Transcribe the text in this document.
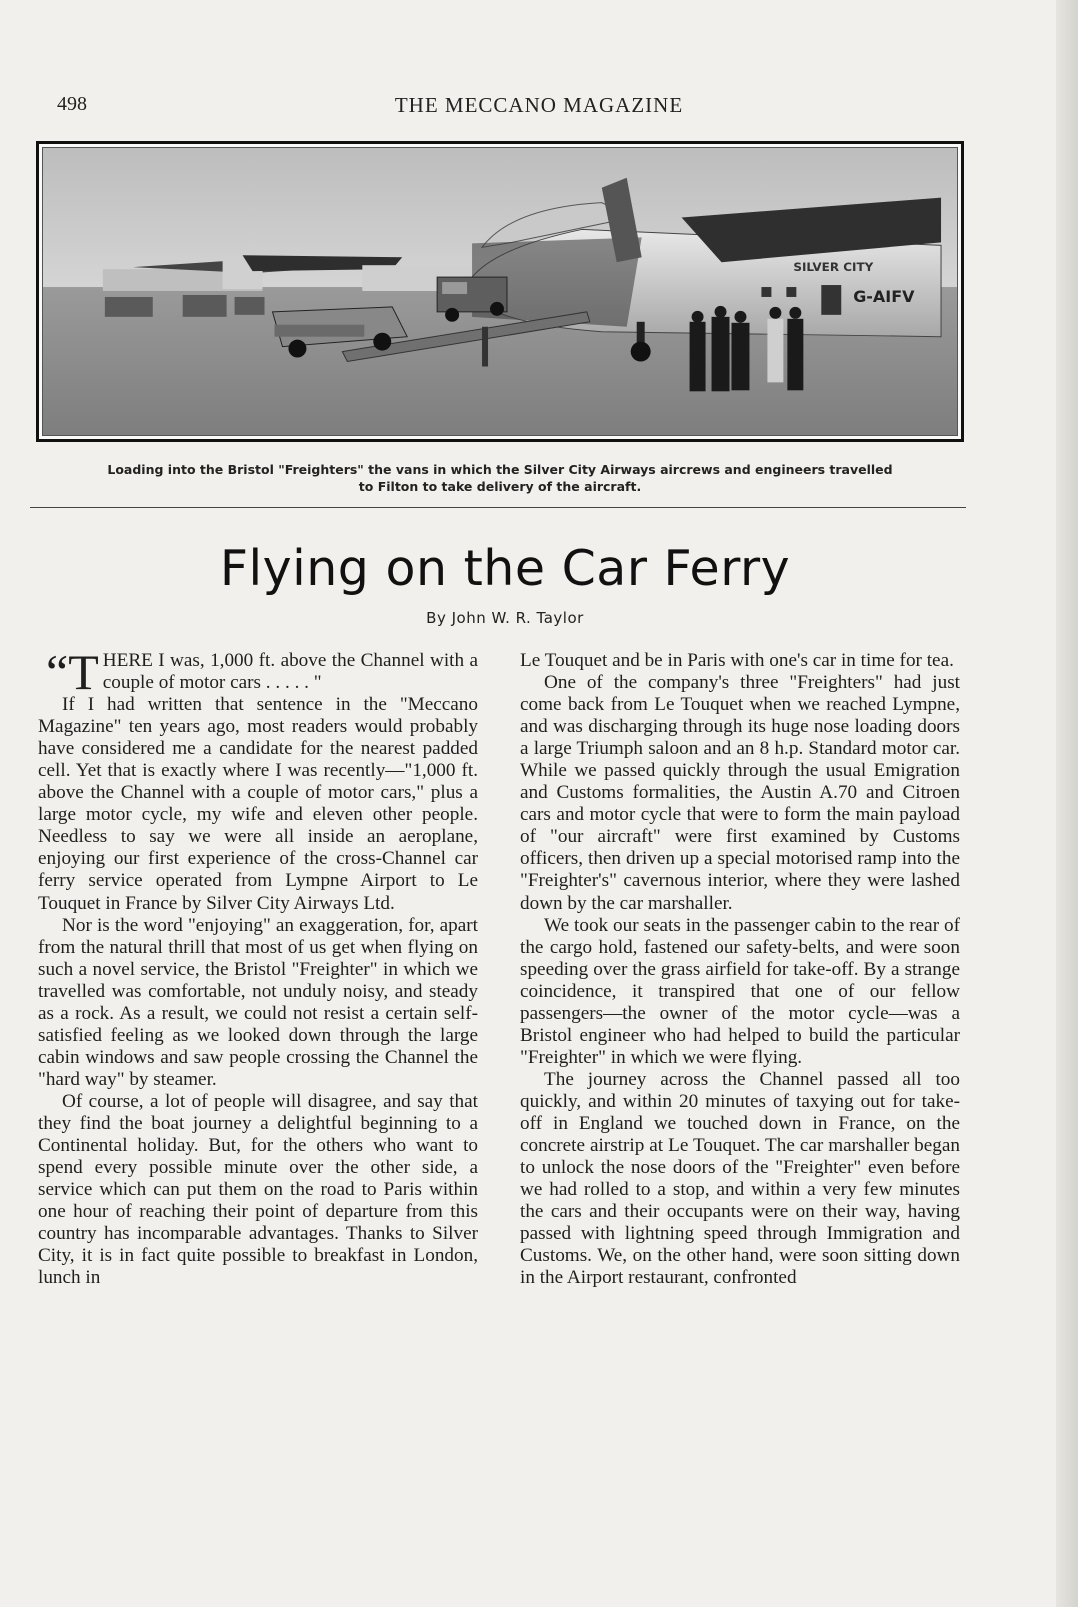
498	THE MECCANO MAGAZINE
G-AIFV
SILVER CITY
Loading into the Bristol "Freighters" the vans in which the Silver City Airways aircrews and engineers travelled
to Filton to take delivery of the aircraft.
Flying on the Car Ferry
By John W. R. Taylor

“T HERE I was, 1,000 ft. above the Channel with a couple of motor cars . . . . . "

If I had written that sentence in the "Meccano Magazine" ten years ago, most readers would probably have considered me a candidate for the nearest padded cell. Yet that is exactly where I was recently—"1,000 ft. above the Channel with a couple of motor cars," plus a large motor cycle, my wife and eleven other people. Needless to say we were all inside an aeroplane, enjoying our first experience of the cross-Channel car ferry service operated from Lympne Airport to Le Touquet in France by Silver City Airways Ltd.

Nor is the word "enjoying" an exaggeration, for, apart from the natural thrill that most of us get when flying on such a novel service, the Bristol "Freighter" in which we travelled was comfortable, not unduly noisy, and steady as a rock. As a result, we could not resist a certain self-satisfied feeling as we looked down through the large cabin windows and saw people crossing the Channel the "hard way" by steamer.

Of course, a lot of people will disagree, and say that they find the boat journey a delightful beginning to a Continental holiday. But, for the others who want to spend every possible minute over the other side, a service which can put them on the road to Paris within one hour of reaching their point of departure from this country has incomparable advantages. Thanks to Silver City, it is in fact quite possible to breakfast in London, lunch in

Le Touquet and be in Paris with one's car in time for tea.

One of the company's three "Freighters" had just come back from Le Touquet when we reached Lympne, and was discharging through its huge nose loading doors a large Triumph saloon and an 8 h.p. Standard motor car. While we passed quickly through the usual Emigration and Customs formalities, the Austin A.70 and Citroen cars and motor cycle that were to form the main payload of "our aircraft" were first examined by Customs officers, then driven up a special motorised ramp into the "Freighter's" cavernous interior, where they were lashed down by the car marshaller.

We took our seats in the passenger cabin to the rear of the cargo hold, fastened our safety-belts, and were soon speeding over the grass airfield for take-off. By a strange coincidence, it transpired that one of our fellow passengers—the owner of the motor cycle—was a Bristol engineer who had helped to build the particular "Freighter" in which we were flying.

The journey across the Channel passed all too quickly, and within 20 minutes of taxying out for take-off in England we touched down in France, on the concrete airstrip at Le Touquet. The car marshaller began to unlock the nose doors of the "Freighter" even before we had rolled to a stop, and within a very few minutes the cars and their occupants were on their way, having passed with lightning speed through Immigration and Customs. We, on the other hand, were soon sitting down in the Airport restaurant, confronted
